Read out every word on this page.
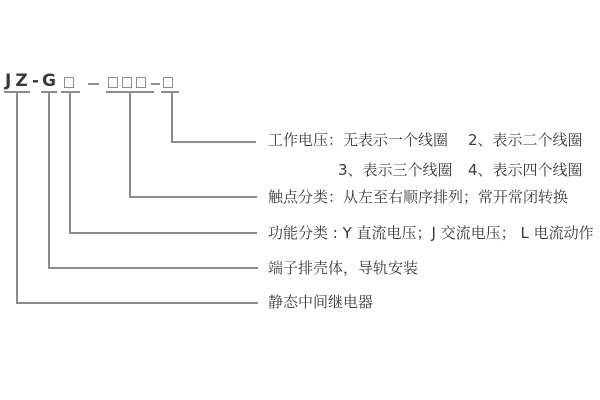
JZ - G
工作电压：无表示一个线圈 2、表示二个线圈
3、表示三个线圈 4、表示四个线圈
触点分类：从左至右顺序排列；常开常闭转换
功能分类 : Y 直流电压；J 交流电压； L 电流动作
端子排壳体，导轨安装
静态中间继电器
